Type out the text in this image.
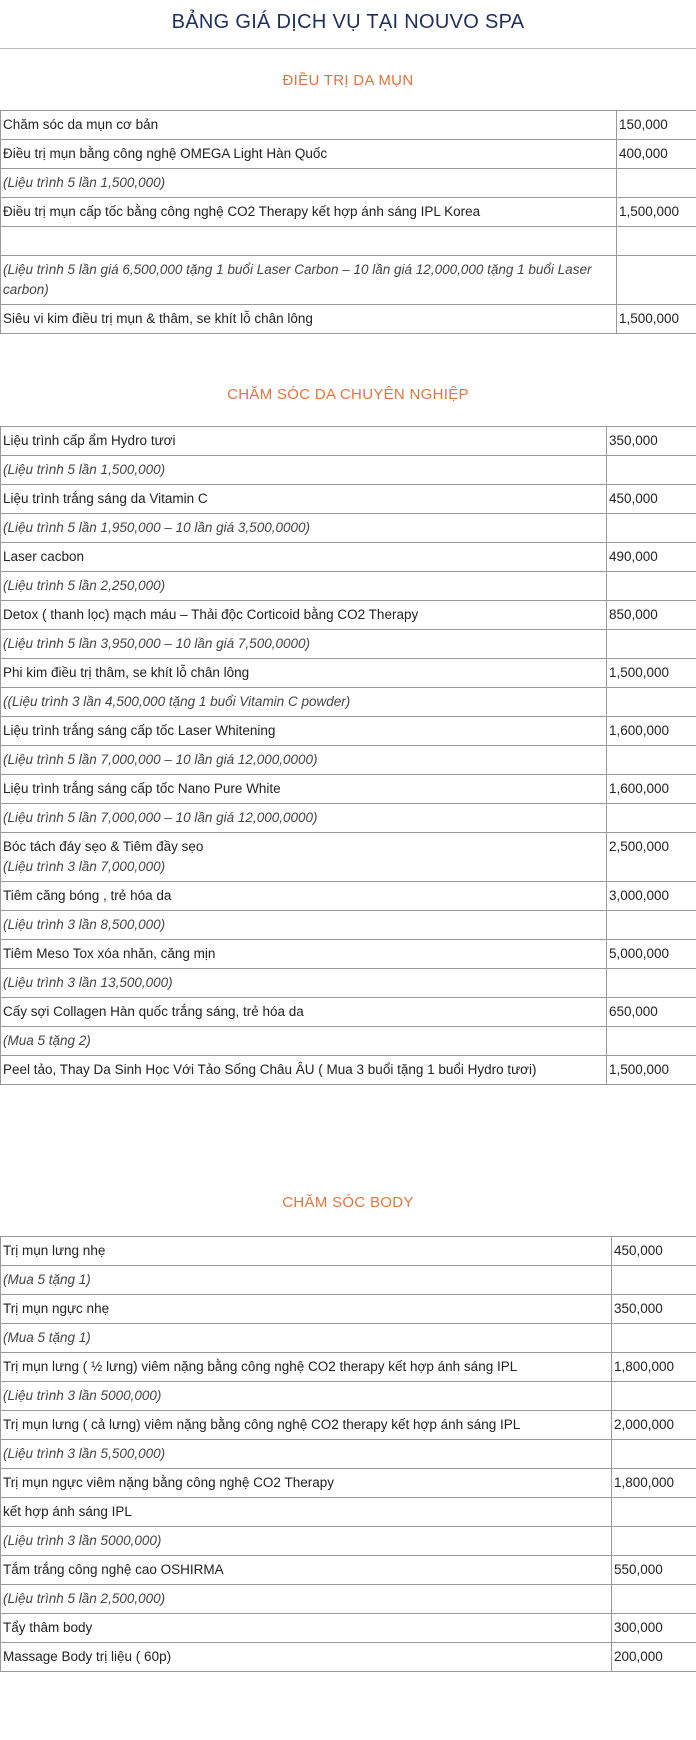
BẢNG GIÁ DỊCH VỤ TẠI NOUVO SPA
ĐIỀU TRỊ DA MỤN
Chăm sóc da mụn cơ bản	150,000
Điều trị mụn bằng công nghệ OMEGA Light Hàn Quốc	400,000
(Liệu trình 5 lần 1,500,000)	
Điều trị mụn cấp tốc bằng công nghệ CO2 Therapy kết hợp ánh sáng IPL Korea	1,500,000

(Liệu trình 5 lần giá 6,500,000 tặng 1 buổi Laser Carbon – 10 lần giá 12,000,000 tặng 1 buổi Laser carbon)	
Siêu vi kim điều trị mụn & thâm, se khít lỗ chân lông	1,500,000
CHĂM SÓC DA CHUYÊN NGHIỆP
Liệu trình cấp ẩm Hydro tươi	350,000
(Liệu trình 5 lần 1,500,000)	
Liệu trình trắng sáng da Vitamin C	450,000
(Liệu trình 5 lần 1,950,000 – 10 lần giá 3,500,0000)	
Laser cacbon	490,000
(Liệu trình 5 lần 2,250,000)	
Detox ( thanh lọc) mạch máu – Thải độc Corticoid bằng CO2 Therapy	850,000
(Liệu trình 5 lần 3,950,000 – 10 lần giá 7,500,0000)	
Phi kim điều trị thâm, se khít lỗ chân lông	1,500,000
((Liệu trình 3 lần 4,500,000 tặng 1 buổi Vitamin C powder)	
Liệu trình trắng sáng cấp tốc Laser Whitening	1,600,000
(Liệu trình 5 lần 7,000,000 – 10 lần giá 12,000,0000)	
Liệu trình trắng sáng cấp tốc Nano Pure White	1,600,000
(Liệu trình 5 lần 7,000,000 – 10 lần giá 12,000,0000)	

Bóc tách đáy sẹo & Tiêm đầy sẹo
(Liệu trình 3 lần 7,000,000)	2,500,000
Tiêm căng bóng , trẻ hóa da	3,000,000
(Liệu trình 3 lần 8,500,000)	
Tiêm Meso Tox xóa nhăn, căng mịn	5,000,000
(Liệu trình 3 lần 13,500,000)	
Cấy sợi Collagen Hàn quốc trắng sáng, trẻ hóa da	650,000
(Mua 5 tặng 2)	
Peel tảo, Thay Da Sinh Học Với Tảo Sống Châu ÂU ( Mua 3 buổi tặng 1 buổi Hydro tươi)	1,500,000
CHĂM SÓC BODY
Trị mụn lưng nhẹ	450,000
(Mua 5 tặng 1)	
Trị mụn ngực nhẹ	350,000
(Mua 5 tặng 1)	
Trị mụn lưng ( ½ lưng) viêm nặng bằng công nghệ CO2 therapy kết hợp ánh sáng IPL	1,800,000
(Liệu trình 3 lần 5000,000)	
Trị mụn lưng ( cả lưng) viêm nặng bằng công nghệ CO2 therapy kết hợp ánh sáng IPL	2,000,000
(Liệu trình 3 lần 5,500,000)	
Trị mụn ngực viêm nặng bằng công nghệ CO2 Therapy	1,800,000
kết hợp ánh sáng IPL	
(Liệu trình 3 lần 5000,000)	
Tắm trắng công nghệ cao OSHIRMA	550,000
(Liệu trình 5 lần 2,500,000)	
Tẩy thâm body	300,000
Massage Body trị liệu ( 60p)	200,000
